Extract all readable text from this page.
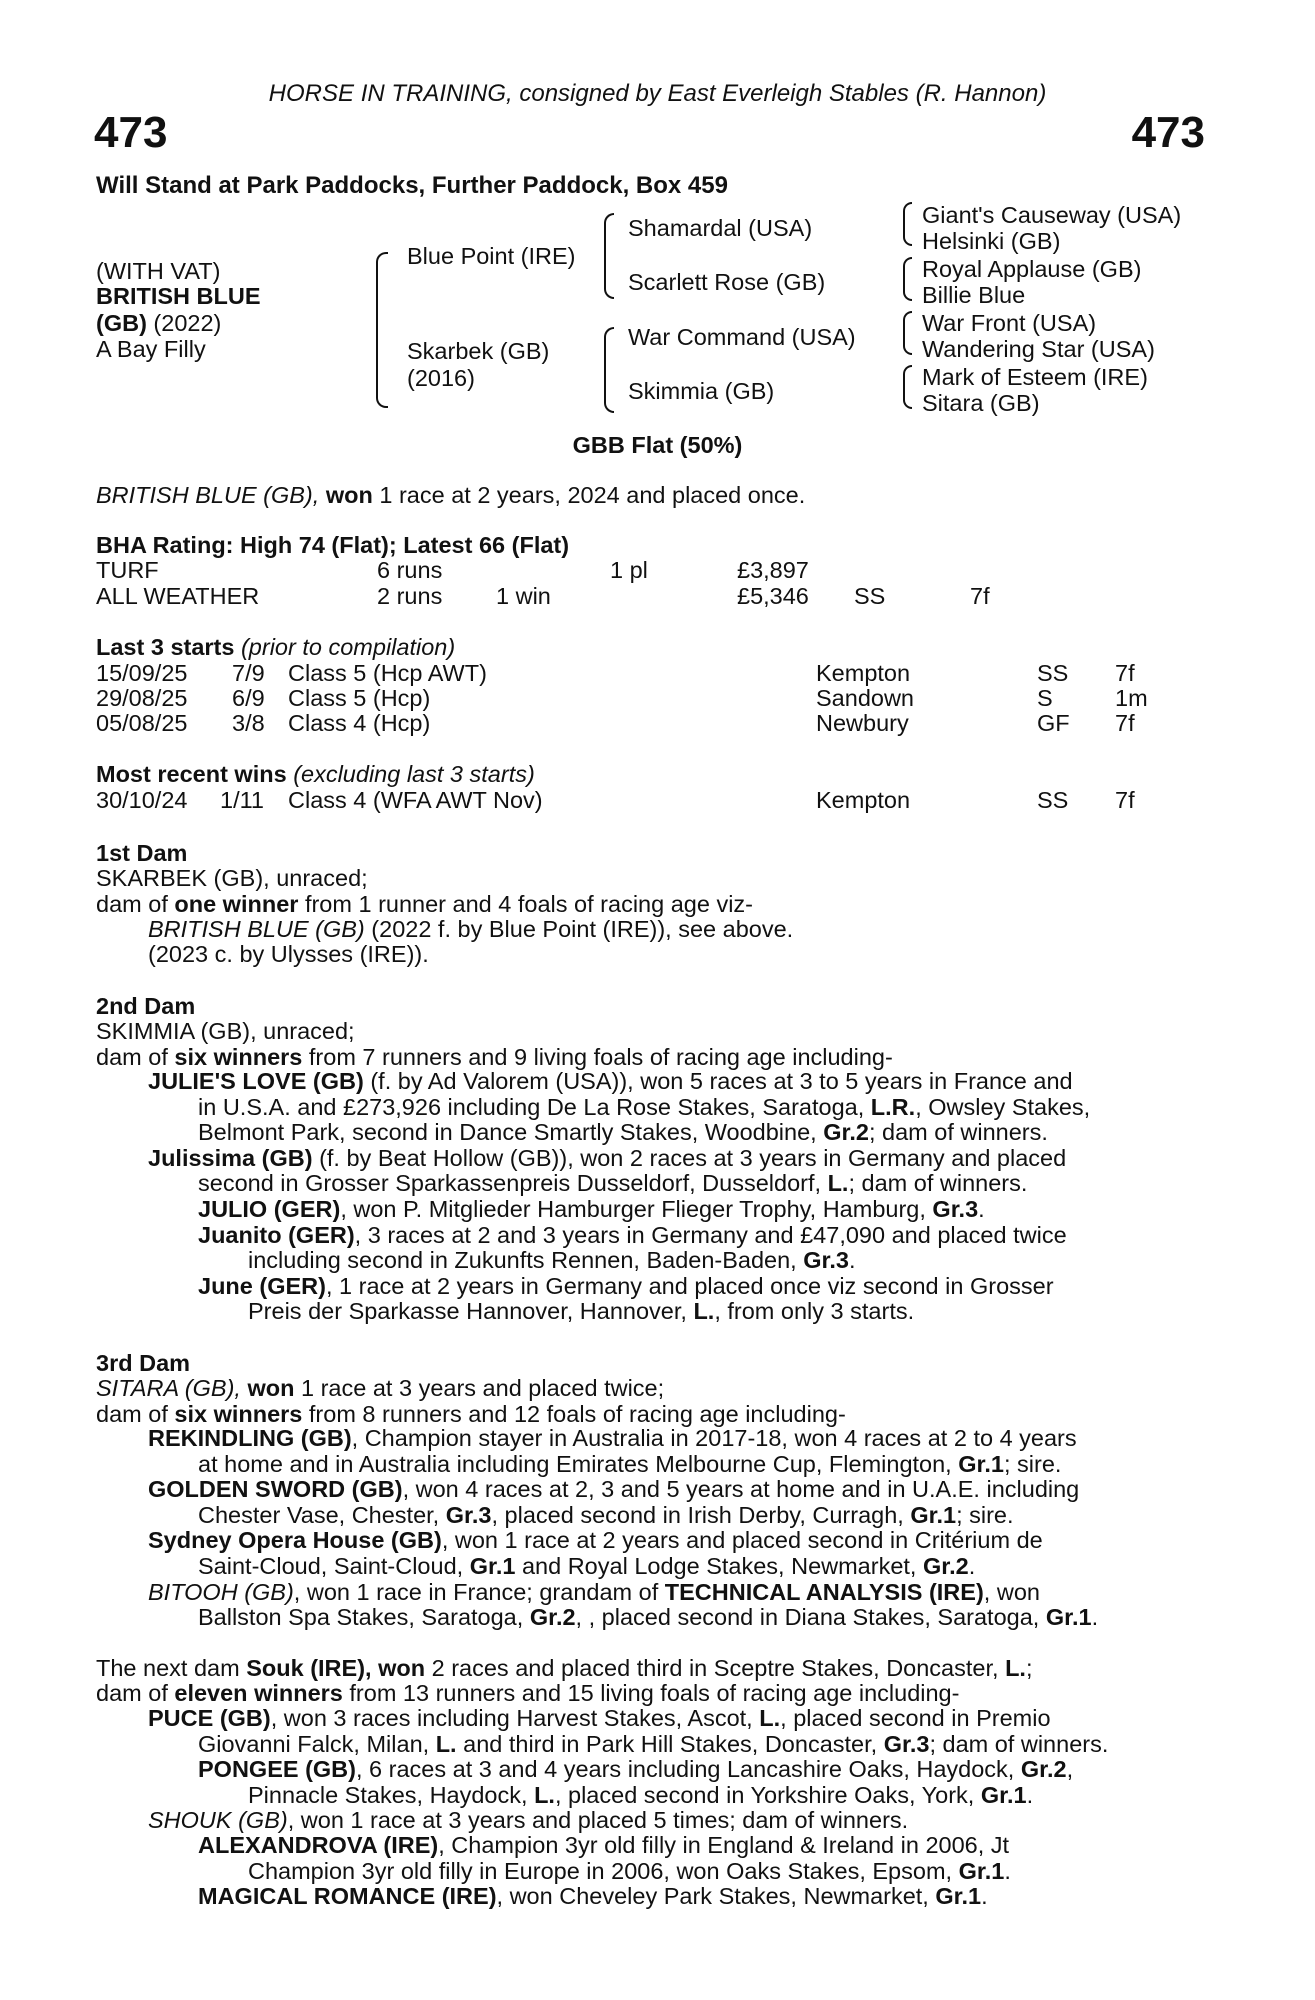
HORSE IN TRAINING, consigned by East Everleigh Stables (R. Hannon)
473	473
Will Stand at Park Paddocks, Further Paddock, Box 459
(WITH VAT)
BRITISH BLUE
(GB) (2022)
A Bay Filly
Blue Point (IRE)
Skarbek (GB)
(2016)
Shamardal (USA)
Scarlett Rose (GB)
War Command (USA)
Skimmia (GB)
Giant's Causeway (USA)
Helsinki (GB)
Royal Applause (GB)
Billie Blue
War Front (USA)
Wandering Star (USA)
Mark of Esteem (IRE)
Sitara (GB)
GBB Flat (50%)
BRITISH BLUE (GB), won 1 race at 2 years, 2024 and placed once.
BHA Rating: High 74 (Flat); Latest 66 (Flat)
TURF	6 runs	1 pl	£3,897
ALL WEATHER	2 runs 1 win	£5,346 SS	7f
Last 3 starts (prior to compilation)
15/09/25 7/9 Class 5 (Hcp AWT)	Kempton	SS 7f
29/08/25 6/9 Class 5 (Hcp)	Sandown	S	1m
05/08/25 3/8 Class 4 (Hcp)	Newbury	GF 7f
Most recent wins (excluding last 3 starts)
30/10/24 1/11 Class 4 (WFA AWT Nov)	Kempton	SS 7f
1st Dam
SKARBEK (GB), unraced;
dam of one winner from 1 runner and 4 foals of racing age viz-
BRITISH BLUE (GB) (2022 f. by Blue Point (IRE)), see above.
(2023 c. by Ulysses (IRE)).
2nd Dam
SKIMMIA (GB), unraced;
dam of six winners from 7 runners and 9 living foals of racing age including-
JULIE'S LOVE (GB) (f. by Ad Valorem (USA)), won 5 races at 3 to 5 years in France and
in U.S.A. and £273,926 including De La Rose Stakes, Saratoga, L.R., Owsley Stakes,
Belmont Park, second in Dance Smartly Stakes, Woodbine, Gr.2; dam of winners.
Julissima (GB) (f. by Beat Hollow (GB)), won 2 races at 3 years in Germany and placed
second in Grosser Sparkassenpreis Dusseldorf, Dusseldorf, L.; dam of winners.
JULIO (GER), won P. Mitglieder Hamburger Flieger Trophy, Hamburg, Gr.3.
Juanito (GER), 3 races at 2 and 3 years in Germany and £47,090 and placed twice
including second in Zukunfts Rennen, Baden-Baden, Gr.3.
June (GER), 1 race at 2 years in Germany and placed once viz second in Grosser
Preis der Sparkasse Hannover, Hannover, L., from only 3 starts.
3rd Dam
SITARA (GB), won 1 race at 3 years and placed twice;
dam of six winners from 8 runners and 12 foals of racing age including-
REKINDLING (GB), Champion stayer in Australia in 2017-18, won 4 races at 2 to 4 years
at home and in Australia including Emirates Melbourne Cup, Flemington, Gr.1; sire.
GOLDEN SWORD (GB), won 4 races at 2, 3 and 5 years at home and in U.A.E. including
Chester Vase, Chester, Gr.3, placed second in Irish Derby, Curragh, Gr.1; sire.
Sydney Opera House (GB), won 1 race at 2 years and placed second in Critérium de
Saint-Cloud, Saint-Cloud, Gr.1 and Royal Lodge Stakes, Newmarket, Gr.2.
BITOOH (GB), won 1 race in France; grandam of TECHNICAL ANALYSIS (IRE), won
Ballston Spa Stakes, Saratoga, Gr.2, , placed second in Diana Stakes, Saratoga, Gr.1.
The next dam Souk (IRE), won 2 races and placed third in Sceptre Stakes, Doncaster, L.;
dam of eleven winners from 13 runners and 15 living foals of racing age including-
PUCE (GB), won 3 races including Harvest Stakes, Ascot, L., placed second in Premio
Giovanni Falck, Milan, L. and third in Park Hill Stakes, Doncaster, Gr.3; dam of winners.
PONGEE (GB), 6 races at 3 and 4 years including Lancashire Oaks, Haydock, Gr.2,
Pinnacle Stakes, Haydock, L., placed second in Yorkshire Oaks, York, Gr.1.
SHOUK (GB), won 1 race at 3 years and placed 5 times; dam of winners.
ALEXANDROVA (IRE), Champion 3yr old filly in England & Ireland in 2006, Jt
Champion 3yr old filly in Europe in 2006, won Oaks Stakes, Epsom, Gr.1.
MAGICAL ROMANCE (IRE), won Cheveley Park Stakes, Newmarket, Gr.1.
